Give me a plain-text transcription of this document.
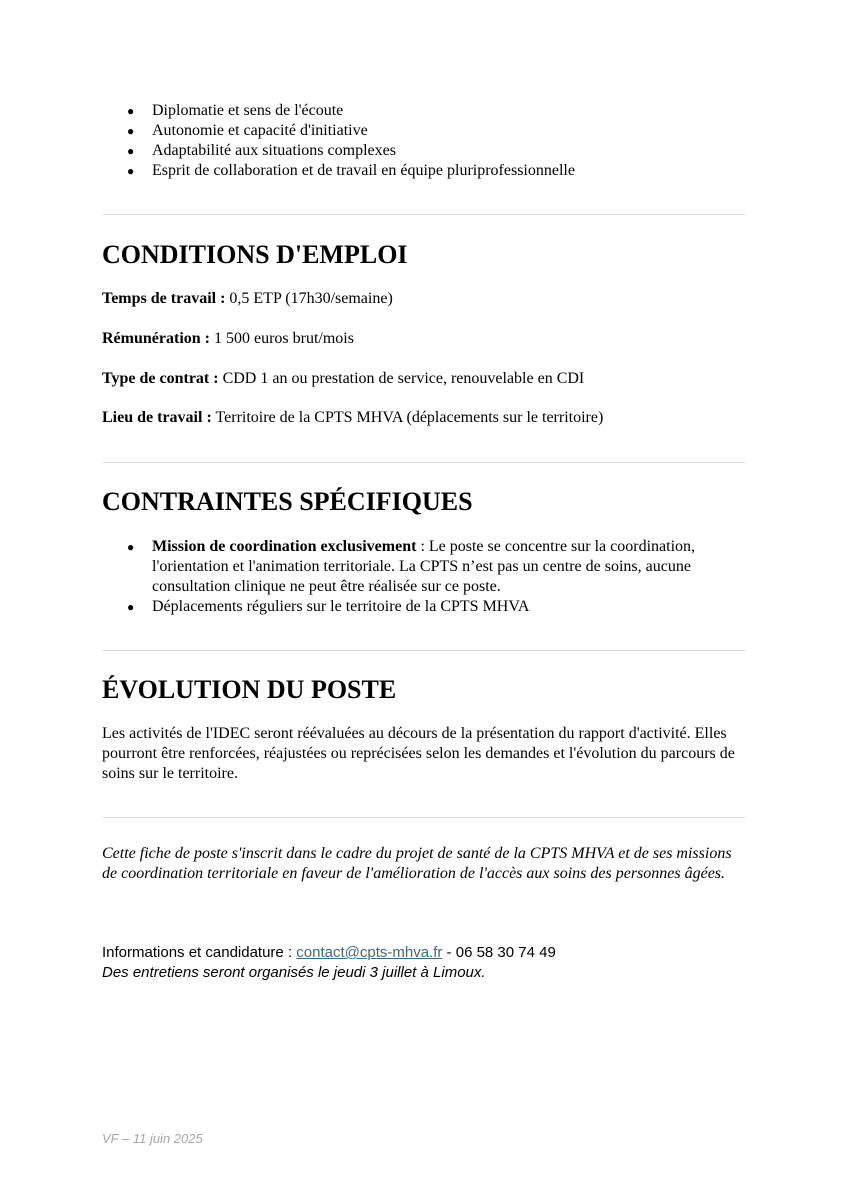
● Diplomatie et sens de l'écoute
● Autonomie et capacité d'initiative
● Adaptabilité aux situations complexes
● Esprit de collaboration et de travail en équipe pluriprofessionnelle
CONDITIONS D'EMPLOI
Temps de travail : 0,5 ETP (17h30/semaine)
Rémunération : 1 500 euros brut/mois
Type de contrat : CDD 1 an ou prestation de service, renouvelable en CDI
Lieu de travail : Territoire de la CPTS MHVA (déplacements sur le territoire)
CONTRAINTES SPÉCIFIQUES
● Mission de coordination exclusivement : Le poste se concentre sur la coordination, l'orientation et l'animation territoriale. La CPTS n’est pas un centre de soins, aucune consultation clinique ne peut être réalisée sur ce poste.
● Déplacements réguliers sur le territoire de la CPTS MHVA
ÉVOLUTION DU POSTE
Les activités de l'IDEC seront réévaluées au décours de la présentation du rapport d'activité. Elles pourront être renforcées, réajustées ou reprécisées selon les demandes et l'évolution du parcours de soins sur le territoire.
Cette fiche de poste s'inscrit dans le cadre du projet de santé de la CPTS MHVA et de ses missions de coordination territoriale en faveur de l'amélioration de l'accès aux soins des personnes âgées.
Informations et candidature : contact@cpts-mhva.fr - 06 58 30 74 49
Des entretiens seront organisés le jeudi 3 juillet à Limoux.
VF – 11 juin 2025
